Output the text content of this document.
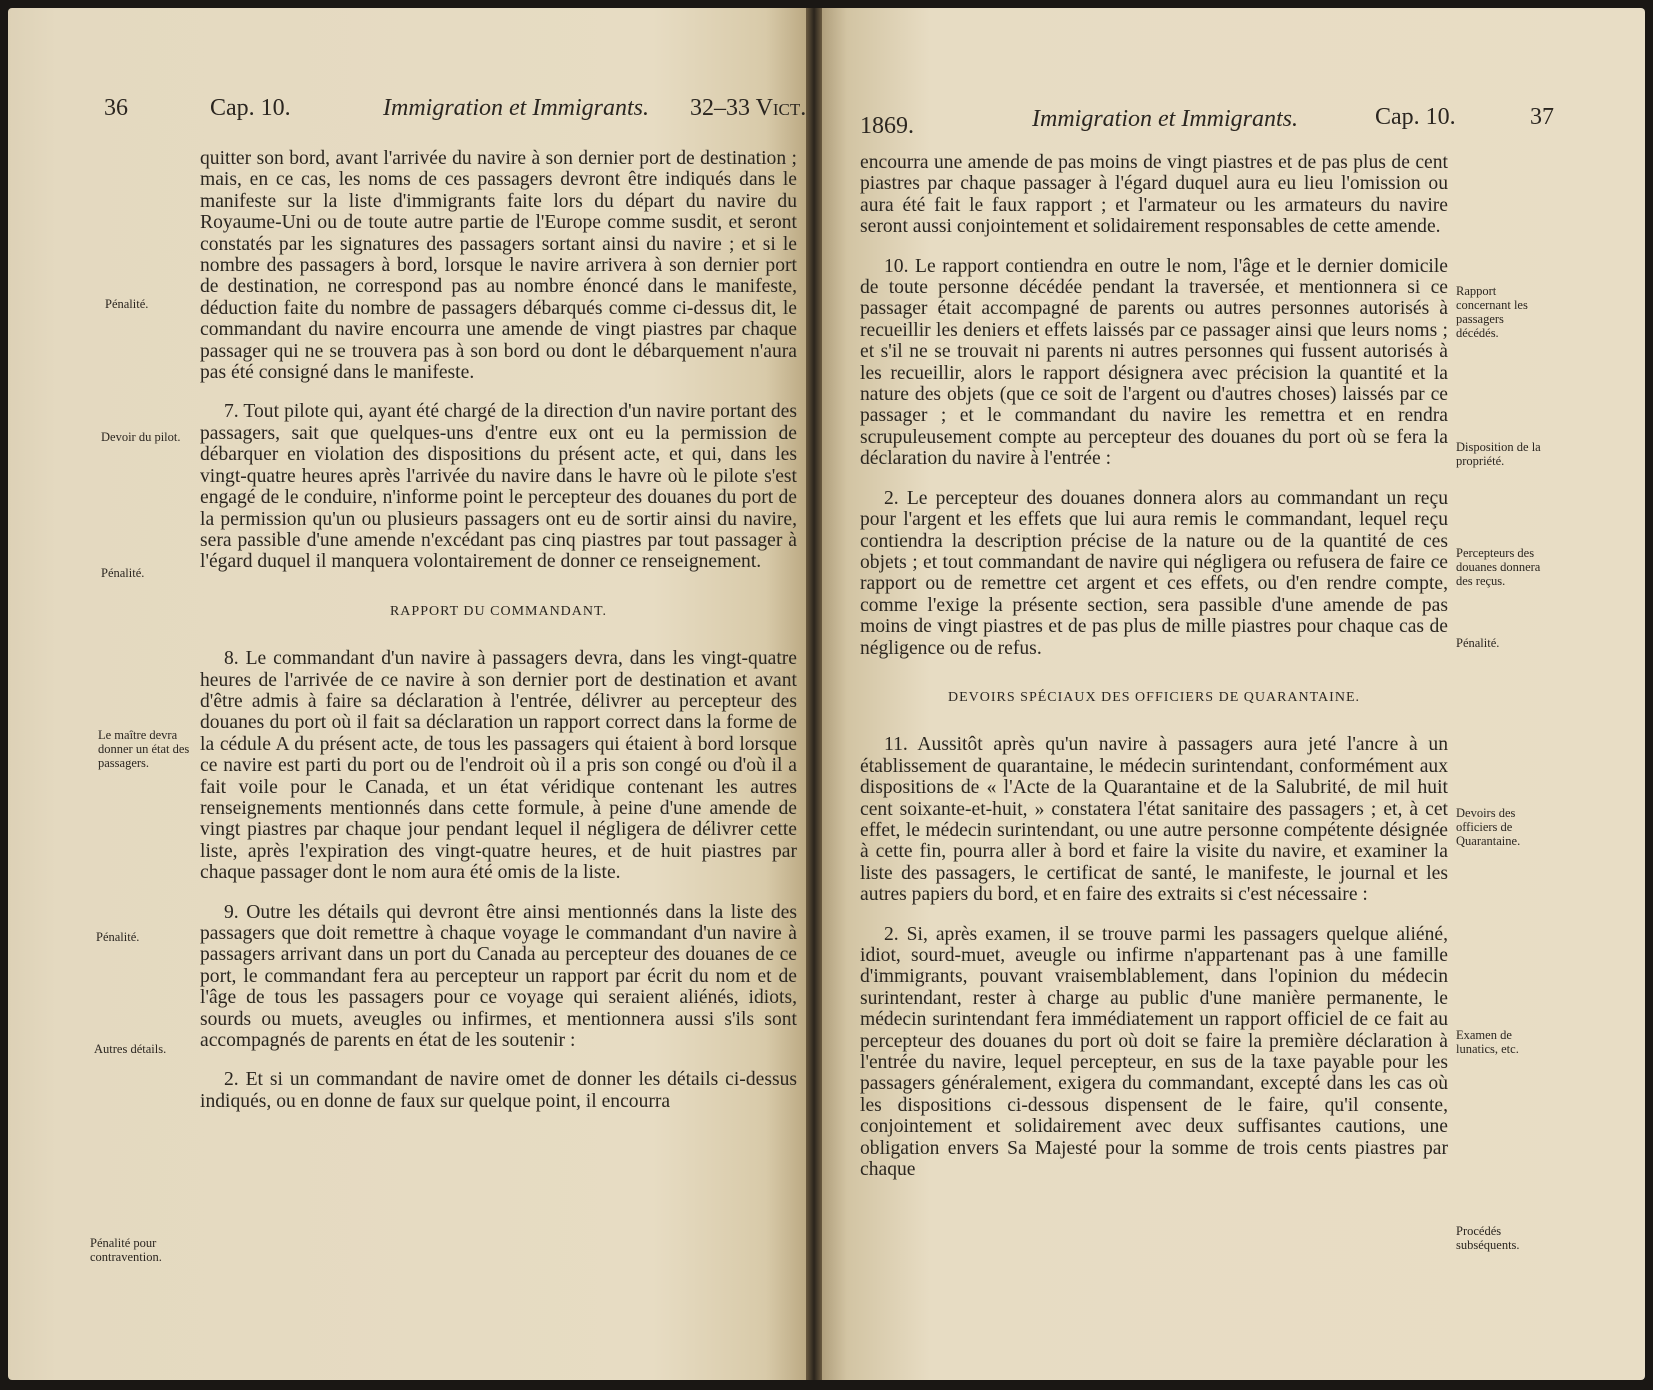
36	Cap. 10.	Immigration et Immigrants. 32–33 Vict.
Pénalité.
Devoir du pilot.
Pénalité.
Le maître devra donner un état des passagers.
Pénalité.
Autres détails.
Pénalité pour contravention.

quitter son bord, avant l'arrivée du navire à son dernier port de destination ; mais, en ce cas, les noms de ces passagers devront être indiqués dans le manifeste sur la liste d'immigrants faite lors du départ du navire du Royaume-Uni ou de toute autre partie de l'Europe comme susdit, et seront constatés par les signatures des passagers sortant ainsi du navire ; et si le nombre des passagers à bord, lorsque le navire arrivera à son dernier port de destination, ne correspond pas au nombre énoncé dans le manifeste, déduction faite du nombre de passagers débarqués comme ci-dessus dit, le commandant du navire encourra une amende de vingt piastres par chaque passager qui ne se trouvera pas à son bord ou dont le débarquement n'aura pas été consigné dans le manifeste.

7. Tout pilote qui, ayant été chargé de la direction d'un navire portant des passagers, sait que quelques-uns d'entre eux ont eu la permission de débarquer en violation des dispositions du présent acte, et qui, dans les vingt-quatre heures après l'arrivée du navire dans le havre où le pilote s'est engagé de le conduire, n'informe point le percepteur des douanes du port de la permission qu'un ou plusieurs passagers ont eu de sortir ainsi du navire, sera passible d'une amende n'excédant pas cinq piastres par tout passager à l'égard duquel il manquera volontairement de donner ce renseignement.

RAPPORT DU COMMANDANT.

8. Le commandant d'un navire à passagers devra, dans les vingt-quatre heures de l'arrivée de ce navire à son dernier port de destination et avant d'être admis à faire sa déclaration à l'entrée, délivrer au percepteur des douanes du port où il fait sa déclaration un rapport correct dans la forme de la cédule A du présent acte, de tous les passagers qui étaient à bord lorsque ce navire est parti du port ou de l'endroit où il a pris son congé ou d'où il a fait voile pour le Canada, et un état véridique contenant les autres renseignements mentionnés dans cette formule, à peine d'une amende de vingt piastres par chaque jour pendant lequel il négligera de délivrer cette liste, après l'expiration des vingt-quatre heures, et de huit piastres par chaque passager dont le nom aura été omis de la liste.

9. Outre les détails qui devront être ainsi mentionnés dans la liste des passagers que doit remettre à chaque voyage le commandant d'un navire à passagers arrivant dans un port du Canada au percepteur des douanes de ce port, le commandant fera au percepteur un rapport par écrit du nom et de l'âge de tous les passagers pour ce voyage qui seraient aliénés, idiots, sourds ou muets, aveugles ou infirmes, et mentionnera aussi s'ils sont accompagnés de parents en état de les soutenir :

2. Et si un commandant de navire omet de donner les détails ci-dessus indiqués, ou en donne de faux sur quelque point, il encourra

1869.	Immigration et Immigrants.	Cap. 10.	37
Rapport concernant les passagers décédés.
Disposition de la propriété.
Percepteurs des douanes donnera des reçus.
Pénalité.
Devoirs des officiers de Quarantaine.
Examen de lunatics, etc.
Procédés subséquents.

encourra une amende de pas moins de vingt piastres et de pas plus de cent piastres par chaque passager à l'égard duquel aura eu lieu l'omission ou aura été fait le faux rapport ; et l'armateur ou les armateurs du navire seront aussi conjointement et solidairement responsables de cette amende.

10. Le rapport contiendra en outre le nom, l'âge et le dernier domicile de toute personne décédée pendant la traversée, et mentionnera si ce passager était accompagné de parents ou autres personnes autorisés à recueillir les deniers et effets laissés par ce passager ainsi que leurs noms ; et s'il ne se trouvait ni parents ni autres personnes qui fussent autorisés à les recueillir, alors le rapport désignera avec précision la quantité et la nature des objets (que ce soit de l'argent ou d'autres choses) laissés par ce passager ; et le commandant du navire les remettra et en rendra scrupuleusement compte au percepteur des douanes du port où se fera la déclaration du navire à l'entrée :

2. Le percepteur des douanes donnera alors au commandant un reçu pour l'argent et les effets que lui aura remis le commandant, lequel reçu contiendra la description précise de la nature ou de la quantité de ces objets ; et tout commandant de navire qui négligera ou refusera de faire ce rapport ou de remettre cet argent et ces effets, ou d'en rendre compte, comme l'exige la présente section, sera passible d'une amende de pas moins de vingt piastres et de pas plus de mille piastres pour chaque cas de négligence ou de refus.

DEVOIRS SPÉCIAUX DES OFFICIERS DE QUARANTAINE.

11. Aussitôt après qu'un navire à passagers aura jeté l'ancre à un établissement de quarantaine, le médecin surintendant, conformément aux dispositions de « l'Acte de la Quarantaine et de la Salubrité, de mil huit cent soixante-et-huit, » constatera l'état sanitaire des passagers ; et, à cet effet, le médecin surintendant, ou une autre personne compétente désignée à cette fin, pourra aller à bord et faire la visite du navire, et examiner la liste des passagers, le certificat de santé, le manifeste, le journal et les autres papiers du bord, et en faire des extraits si c'est nécessaire :

2. Si, après examen, il se trouve parmi les passagers quelque aliéné, idiot, sourd-muet, aveugle ou infirme n'appartenant pas à une famille d'immigrants, pouvant vraisemblablement, dans l'opinion du médecin surintendant, rester à charge au public d'une manière permanente, le médecin surintendant fera immédiatement un rapport officiel de ce fait au percepteur des douanes du port où doit se faire la première déclaration à l'entrée du navire, lequel percepteur, en sus de la taxe payable pour les passagers généralement, exigera du commandant, excepté dans les cas où les dispositions ci-dessous dispensent de le faire, qu'il consente, conjointement et solidairement avec deux suffisantes cautions, une obligation envers Sa Majesté pour la somme de trois cents piastres par chaque
